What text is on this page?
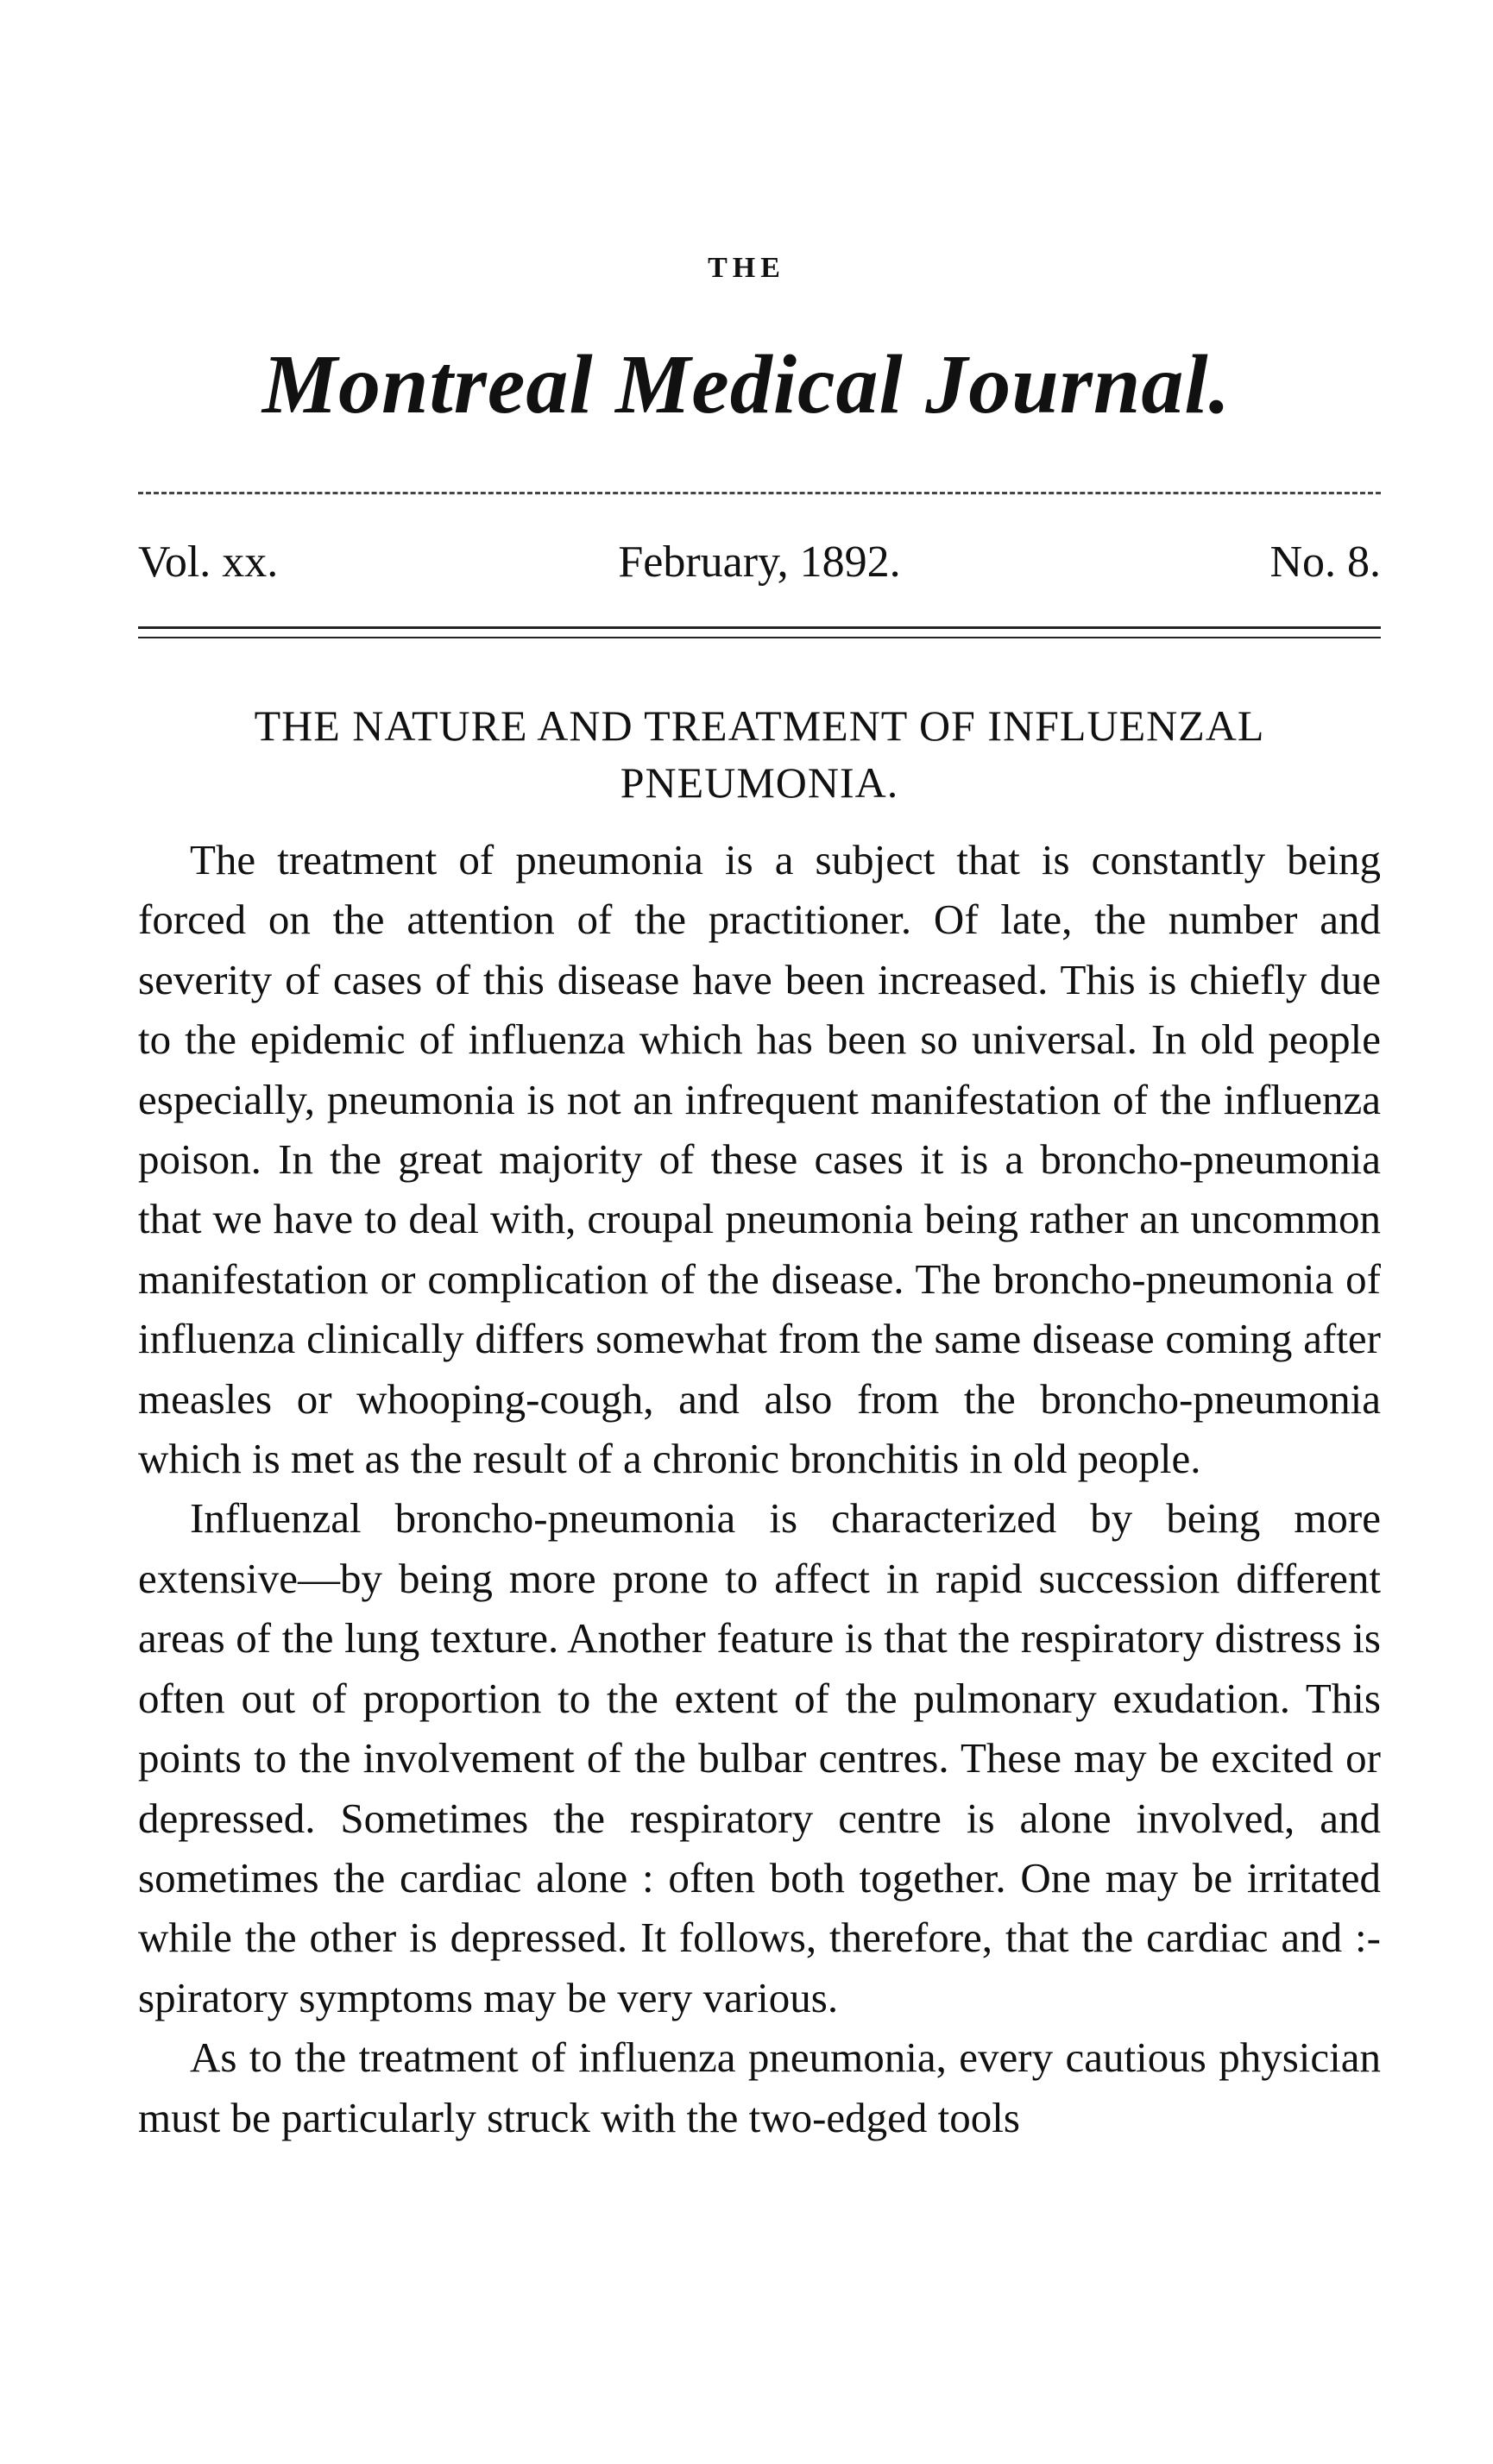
THE
Montreal Medical Journal.
Vol. xx.	February, 1892.	No. 8.
THE NATURE AND TREATMENT OF INFLUENZAL PNEUMONIA.

The treatment of pneumonia is a subject that is constantly being forced on the attention of the practitioner. Of late, the number and severity of cases of this disease have been increased. This is chiefly due to the epidemic of influenza which has been so universal. In old people especially, pneumonia is not an infrequent manifestation of the influenza poison. In the great majority of these cases it is a broncho-pneumonia that we have to deal with, croupal pneumonia being rather an uncommon manifestation or complication of the disease. The broncho-pneumonia of influenza clinically differs somewhat from the same disease coming after measles or whooping-cough, and also from the broncho-pneumonia which is met as the result of a chronic bronchitis in old people.

Influenzal broncho-pneumonia is characterized by being more extensive—by being more prone to affect in rapid succession different areas of the lung texture. Another feature is that the respiratory distress is often out of proportion to the extent of the pulmonary exudation. This points to the involvement of the bulbar centres. These may be excited or depressed. Sometimes the respiratory centre is alone involved, and sometimes the cardiac alone : often both together. One may be irritated while the other is depressed. It follows, therefore, that the cardiac and :-spiratory symptoms may be very various.

As to the treatment of influenza pneumonia, every cautious physician must be particularly struck with the two-edged tools
